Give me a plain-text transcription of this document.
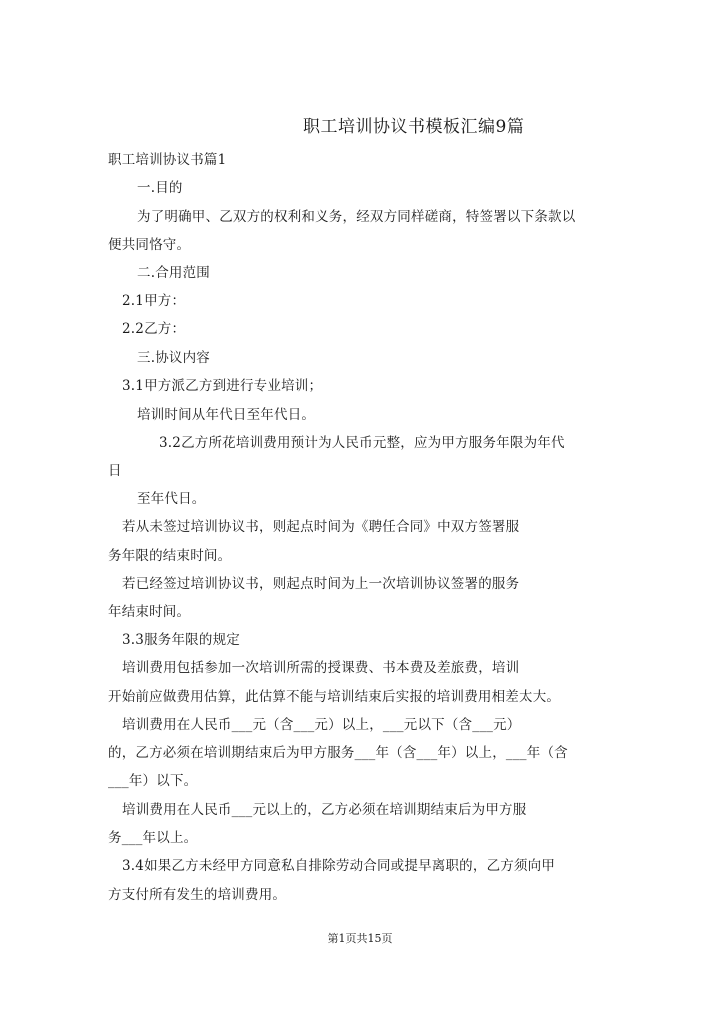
职工培训协议书模板汇编9篇
职工培训协议书篇1
一.目的
为了明确甲、乙双方的权利和义务，经双方同样磋商，特签署以下条款以
便共同恪守。
二.合用范围
2.1甲方：
2.2乙方：
三.协议内容
3.1甲方派乙方到进行专业培训；
培训时间从年代日至年代日。
3.2乙方所花培训费用预计为人民币元整，应为甲方服务年限为年代
日
至年代日。
若从未签过培训协议书，则起点时间为《聘任合同》中双方签署服
务年限的结束时间。
若已经签过培训协议书，则起点时间为上一次培训协议签署的服务
年结束时间。
3.3服务年限的规定
培训费用包括参加一次培训所需的授课费、书本费及差旅费，培训
开始前应做费用估算，此估算不能与培训结束后实报的培训费用相差太大。
培训费用在人民币___元（含___元）以上，___元以下（含___元）
的，乙方必须在培训期结束后为甲方服务___年（含___年）以上，___年（含
___年）以下。
培训费用在人民币___元以上的，乙方必须在培训期结束后为甲方服
务___年以上。
3.4如果乙方未经甲方同意私自排除劳动合同或提早离职的，乙方须向甲
方支付所有发生的培训费用。
第1页共15页
